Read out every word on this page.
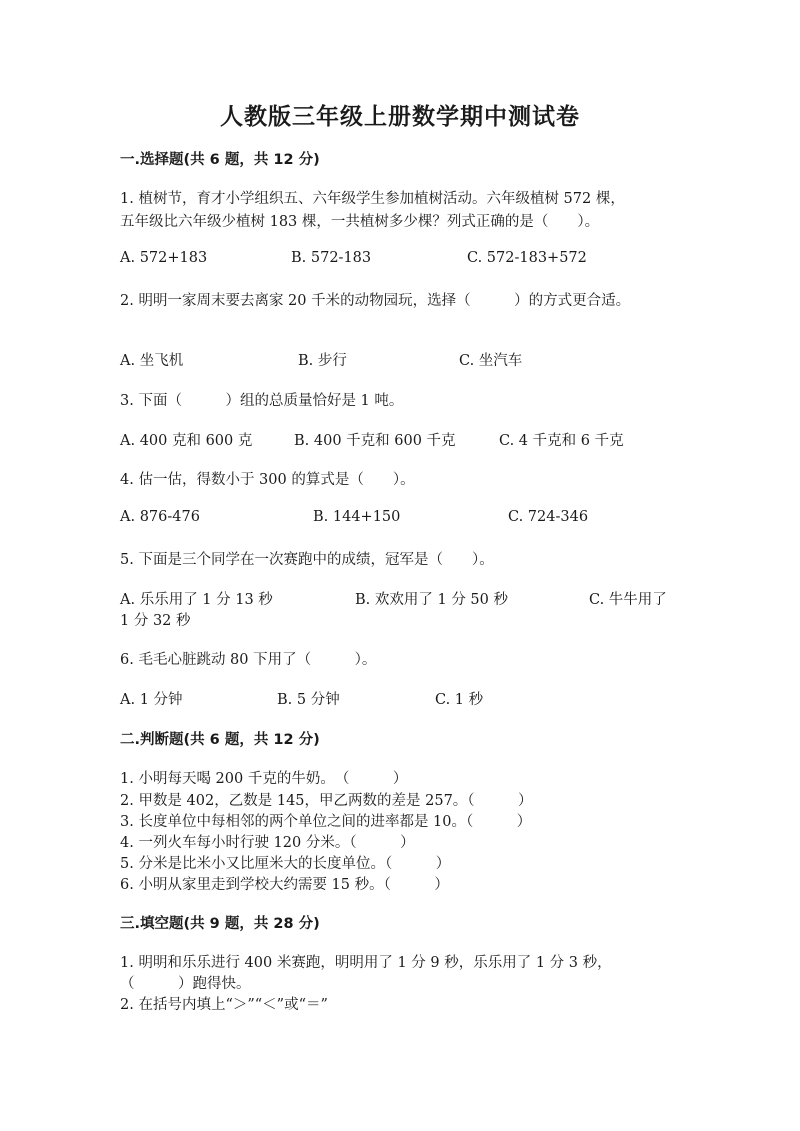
人教版三年级上册数学期中测试卷
一.选择题(共 6 题，共 12 分)
1. 植树节，育才小学组织五、六年级学生参加植树活动。六年级植树 572 棵，
五年级比六年级少植树 183 棵，一共植树多少棵？列式正确的是（　　）。
A. 572+183	B. 572-183	C. 572-183+572
2. 明明一家周末要去离家 20 千米的动物园玩，选择（　　　）的方式更合适。
A. 坐飞机	B. 步行	C. 坐汽车
3. 下面（　　　）组的总质量恰好是 1 吨。
A. 400 克和 600 克	B. 400 千克和 600 千克	C. 4 千克和 6 千克
4. 估一估，得数小于 300 的算式是（　　）。
A. 876-476	B. 144+150	C. 724-346
5. 下面是三个同学在一次赛跑中的成绩，冠军是（　　）。
A. 乐乐用了 1 分 13 秒	B. 欢欢用了 1 分 50 秒	C. 牛牛用了
1 分 32 秒
6. 毛毛心脏跳动 80 下用了（　　　）。
A. 1 分钟	B. 5 分钟	C. 1 秒
二.判断题(共 6 题，共 12 分)
1. 小明每天喝 200 千克的牛奶。　（　　　）
2. 甲数是 402，乙数是 145，甲乙两数的差是 257。（　　　）
3. 长度单位中每相邻的两个单位之间的进率都是 10。（　　　）
4. 一列火车每小时行驶 120 分米。（　　　）
5. 分米是比米小又比厘米大的长度单位。（　　　）
6. 小明从家里走到学校大约需要 15 秒。（　　　）
三.填空题(共 9 题，共 28 分)
1. 明明和乐乐进行 400 米赛跑，明明用了 1 分 9 秒，乐乐用了 1 分 3 秒，
（　　　）跑得快。
2. 在括号内填上“＞”“＜”或“＝”
